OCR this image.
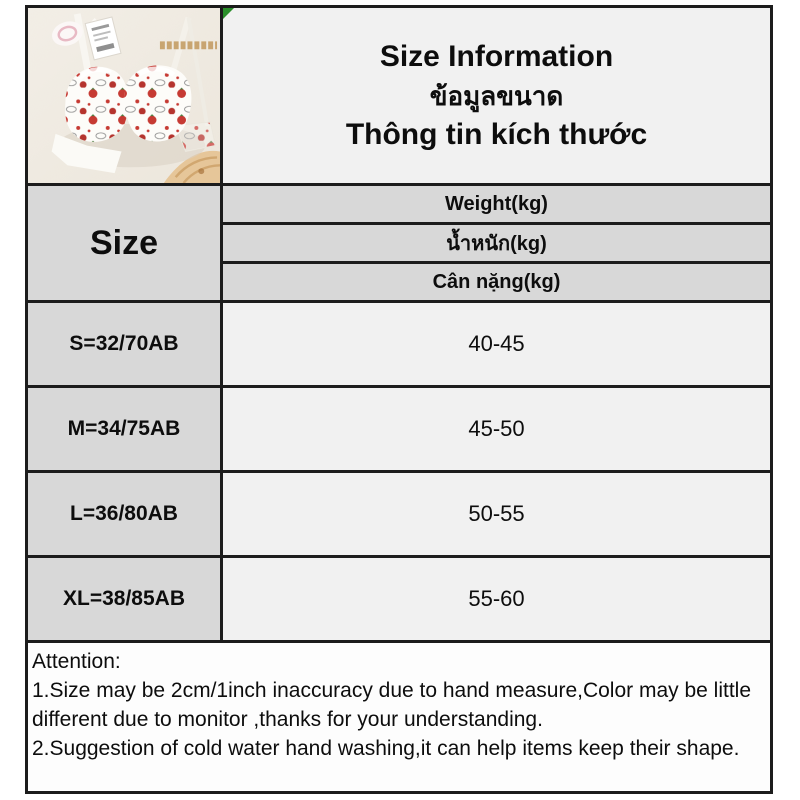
Size Information
ข้อมูลขนาด
Thông tin kích thước
Size
Weight(kg)
น้ำหนัก(kg)
Cân nặng(kg)
S=32/70AB	40-45
M=34/75AB	45-50
L=36/80AB	50-55
XL=38/85AB	55-60
Attention:
1.Size may be 2cm/1inch inaccuracy due to hand measure,Color may be little different due to monitor ,thanks for your understanding.
2.Suggestion of cold water hand washing,it can help items keep their shape.
